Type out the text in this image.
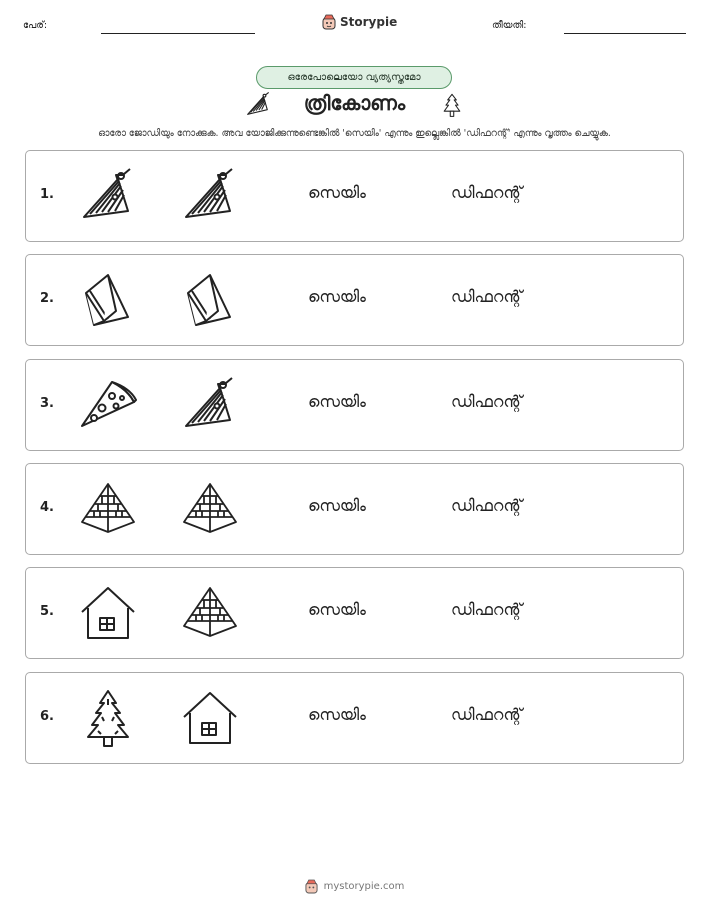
പേര്:	Storypie	തീയതി:
ഒരേപോലെയോ വ്യത്യസ്തമോ
ത്രികോണം
ഓരോ ജോഡിയും നോക്കുക. അവ യോജിക്കുന്നുണ്ടെങ്കിൽ 'സെയിം' എന്നും ഇല്ലെങ്കിൽ 'ഡിഫറന്റ്' എന്നും വൃത്തം ചെയ്യുക.
1.	സെയിം	ഡിഫറന്റ്
2.	സെയിം	ഡിഫറന്റ്
3.	സെയിം	ഡിഫറന്റ്
4.	സെയിം	ഡിഫറന്റ്
5.	സെയിം	ഡിഫറന്റ്
6.	സെയിം	ഡിഫറന്റ്
mystorypie.com
